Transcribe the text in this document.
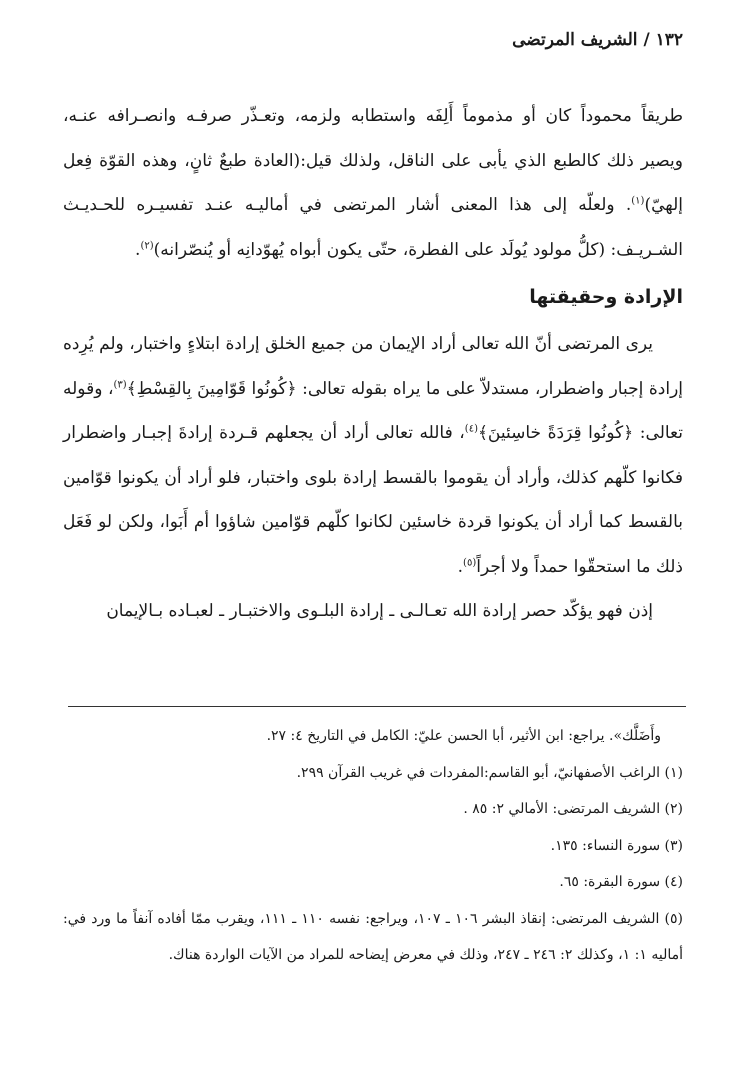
١٣٢ / الشريف المرتضى

طريقاً محموداً كان أو مذموماً أَلِفَه واستطابه ولزمه، وتعـذّر صرفـه وانصـرافه عنـه، ويصير ذلك كالطبع الذي يأبى على الناقل، ولذلك قيل:(العادة طبعٌ ثانٍ، وهذه القوّة فِعل إلهيّ)$^{(١)}$. ولعلّه إلى هذا المعنى أشار المرتضى في أماليـه عنـد تفسيـره للحـديـث الشـريـف: (كلُّ مولود يُولَد على الفطرة، حتّى يكون أبواه يُهوّدانِه أو يُنصّرانه)$^{(٢)}$.

الإرادة وحقيقتها

يرى المرتضى أنّ الله تعالى أراد الإيمان من جميع الخلق إرادة ابتلاءٍ واختبار، ولم يُرِده إرادة إجبار واضطرار، مستدلاّ على ما يراه بقوله تعالى: ﴿كُونُوا قَوّامِينَ بِالقِسْطِ﴾$^{(٣)}$، وقوله تعالى: ﴿كُونُوا قِرَدَةً خاسِئينَ﴾$^{(٤)}$، فالله تعالى أراد أن يجعلهم قـردة إرادةَ إجبـار واضطرار فكانوا كلّهم كذلك، وأراد أن يقوموا بالقسط إرادة بلوى واختبار، فلو أراد أن يكونوا قوّامين بالقسط كما أراد أن يكونوا قردة خاسئين لكانوا كلّهم قوّامين شاؤوا أم أَبَوا، ولكن لو فَعَل ذلك ما استحقّوا حمداً ولا أجراً$^{(٥)}$.

إذن فهو يؤكّد حصر إرادة الله تعـالـى ـ إرادة البلـوى والاختبـار ـ لعبـاده بـالإيمان

وأَضَلَّك». يراجع: ابن الأثير، أبا الحسن عليّ: الكامل في التاريخ ٤: ٢٧.

(١) الراغب الأصفهانيّ، أبو القاسم:المفردات في غريب القرآن ٢٩٩.

(٢) الشريف المرتضى: الأمالي ٢: ٨٥ .

(٣) سورة النساء: ١٣٥.

(٤) سورة البقرة: ٦٥.

(٥) الشريف المرتضى: إنقاذ البشر ١٠٦ ـ ١٠٧، ويراجع: نفسه ١١٠ ـ ١١١، ويقرب ممّا أفاده آنفاً ما ورد في: أماليه ١: ١، وكذلك ٢: ٢٤٦ ـ ٢٤٧، وذلك في معرض إيضاحه للمراد من الآيات الواردة هناك.
